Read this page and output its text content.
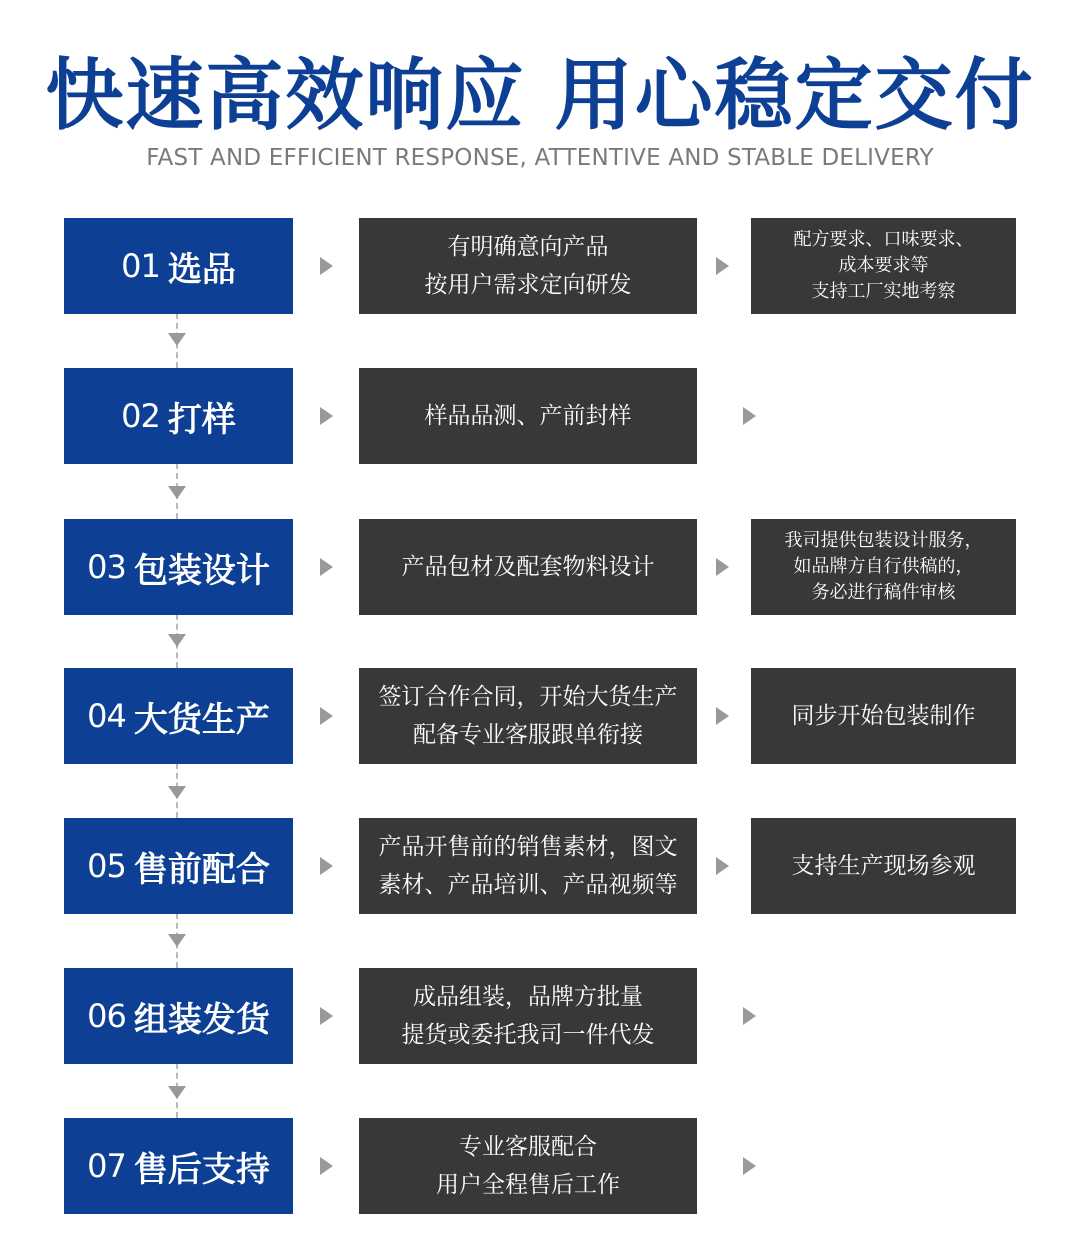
快速高效响应 用心稳定交付
FAST AND EFFICIENT RESPONSE, ATTENTIVE AND STABLE DELIVERY
01 选品
有明确意向产品
按用户需求定向研发
配方要求、口味要求、
成本要求等
支持工厂实地考察
02 打样	样品品测、产前封样
03 包装设计	产品包材及配套物料设计
我司提供包装设计服务，
如品牌方自行供稿的，
务必进行稿件审核
04 大货生产
签订合作合同，开始大货生产
配备专业客服跟单衔接
同步开始包装制作
05 售前配合
产品开售前的销售素材，图文
素材、产品培训、产品视频等
支持生产现场参观
06 组装发货
成品组装，品牌方批量
提货或委托我司一件代发
07 售后支持
专业客服配合
用户全程售后工作
